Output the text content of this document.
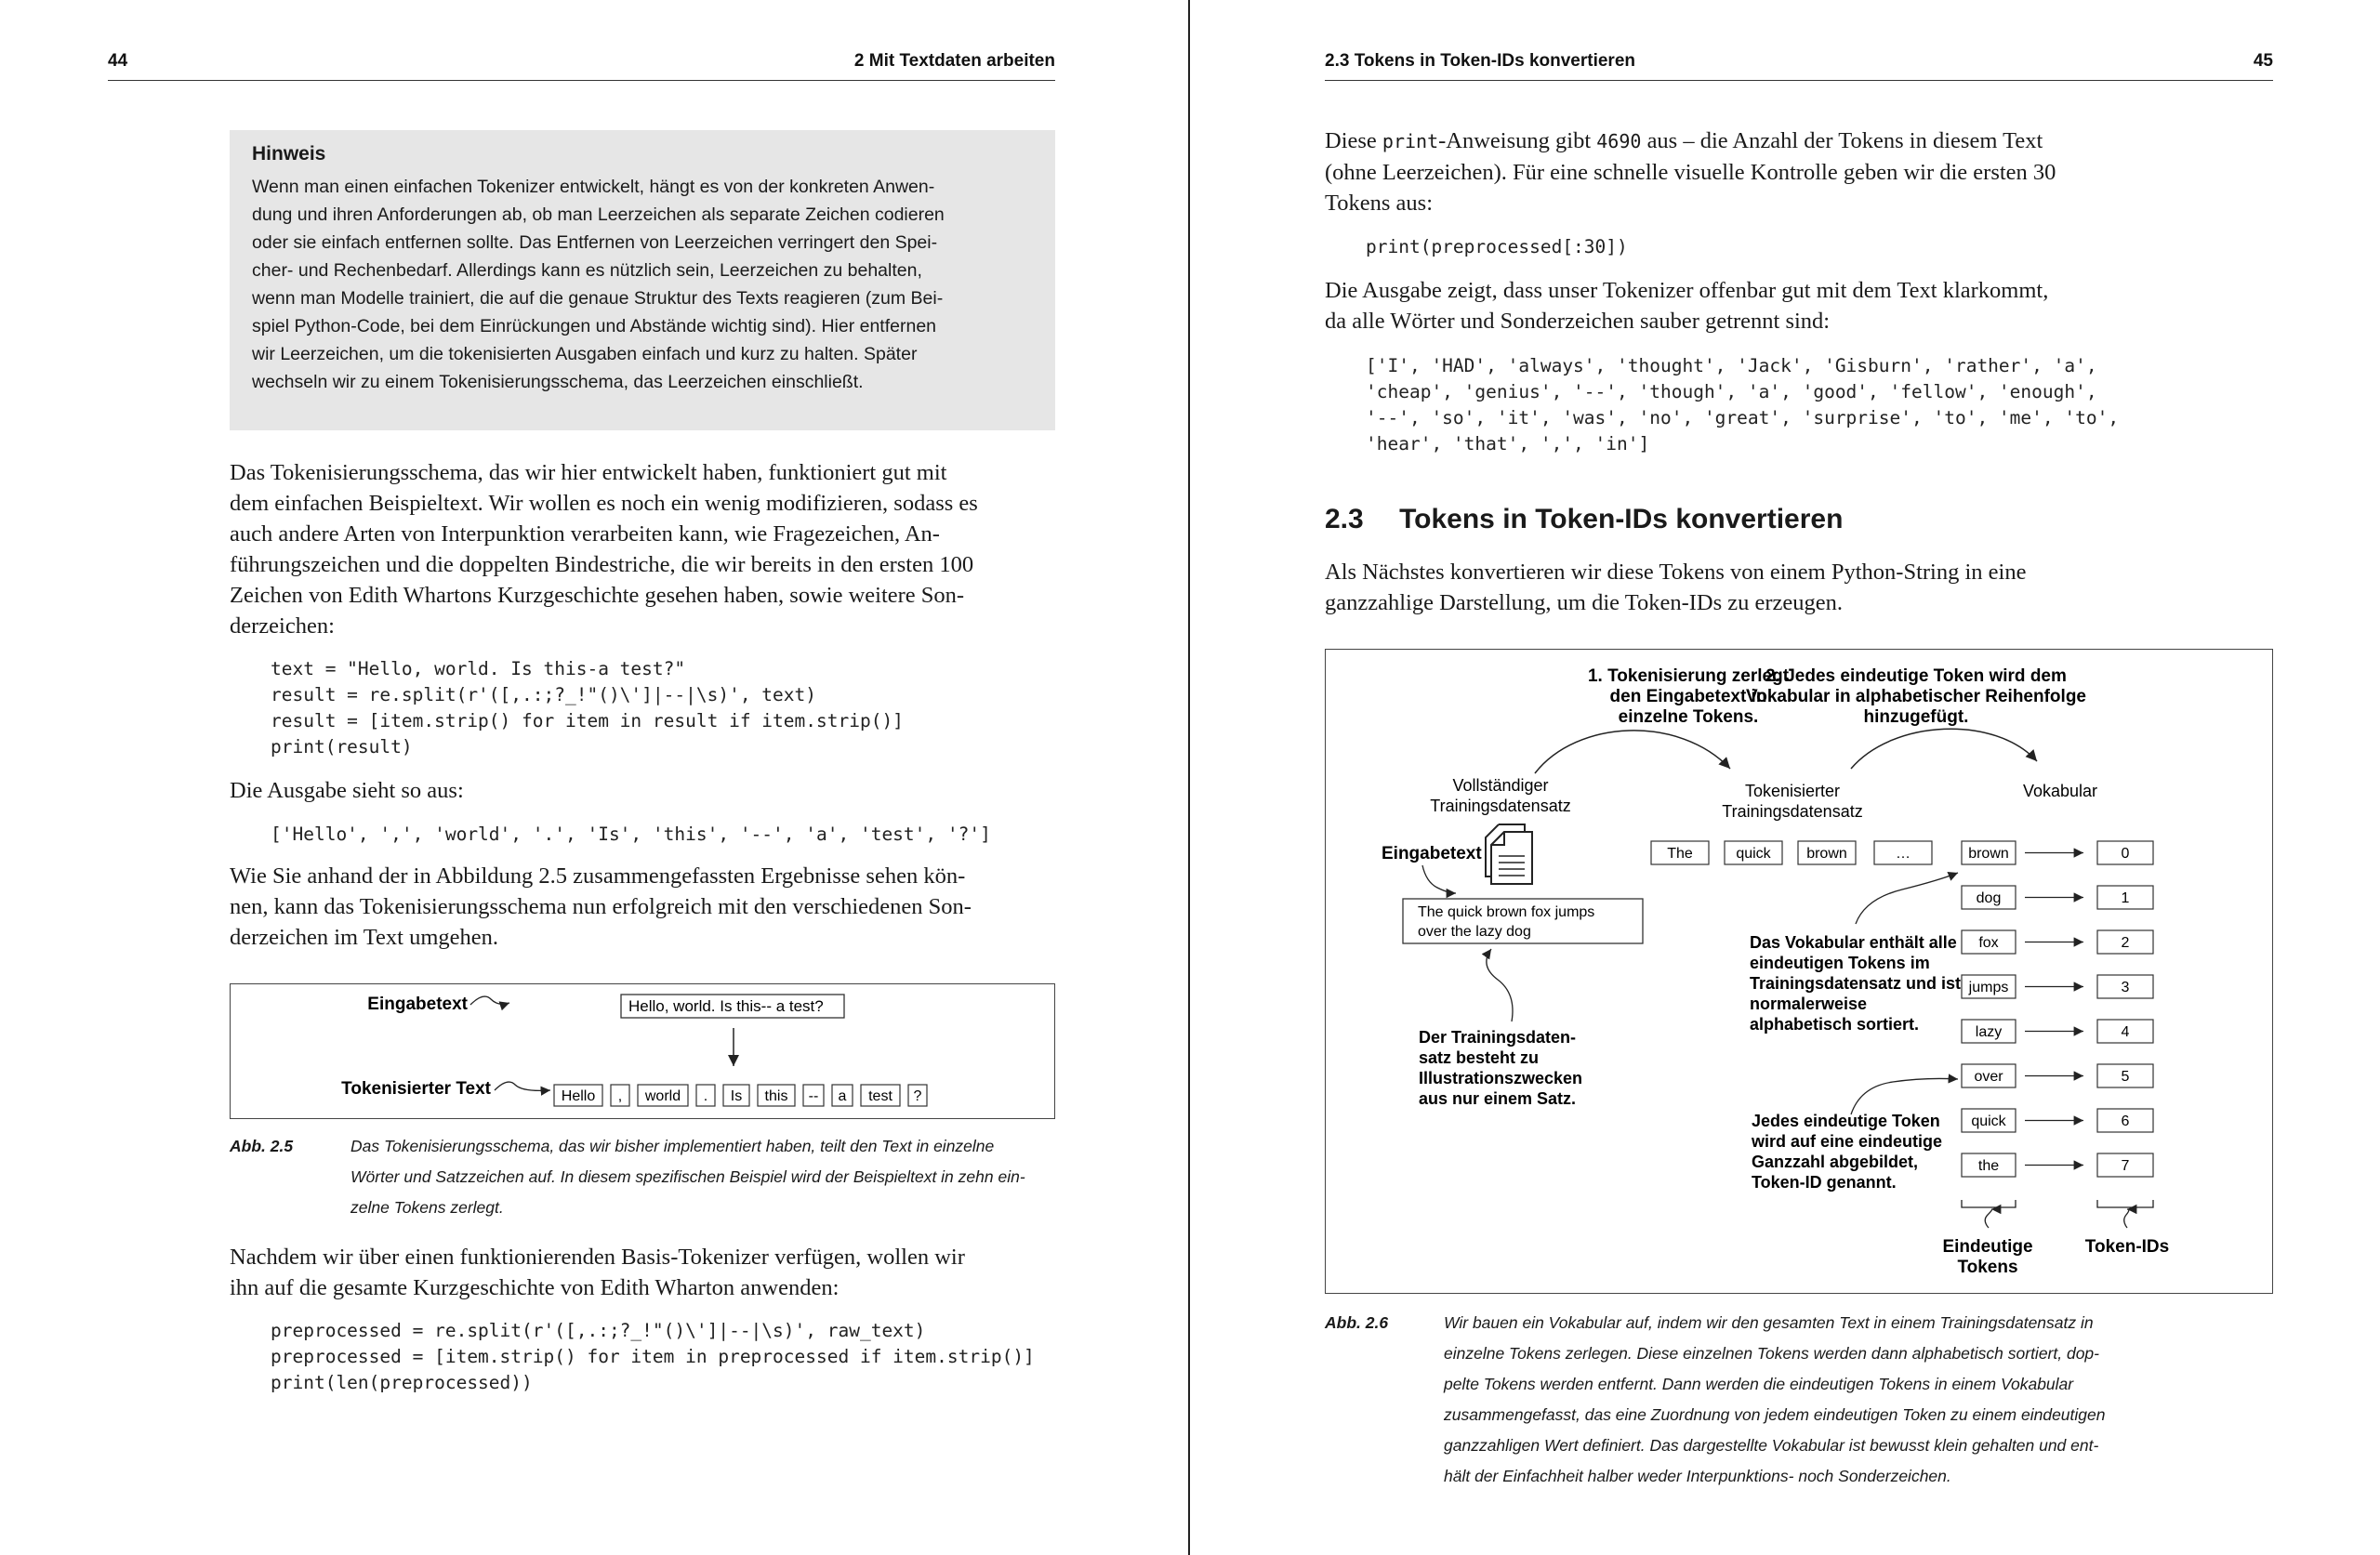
44	2 Mit Textdaten arbeiten
Hinweis

Wenn man einen einfachen Tokenizer entwickelt, hängt es von der konkreten Anwen-
dung und ihren Anforderungen ab, ob man Leerzeichen als separate Zeichen codieren
oder sie einfach entfernen sollte. Das Entfernen von Leerzeichen verringert den Spei-
cher- und Rechenbedarf. Allerdings kann es nützlich sein, Leerzeichen zu behalten,
wenn man Modelle trainiert, die auf die genaue Struktur des Texts reagieren (zum Bei-
spiel Python-Code, bei dem Einrückungen und Abstände wichtig sind). Hier entfernen
wir Leerzeichen, um die tokenisierten Ausgaben einfach und kurz zu halten. Später
wechseln wir zu einem Tokenisierungsschema, das Leerzeichen einschließt.

Das Tokenisierungsschema, das wir hier entwickelt haben, funktioniert gut mit
dem einfachen Beispieltext. Wir wollen es noch ein wenig modifizieren, sodass es
auch andere Arten von Interpunktion verarbeiten kann, wie Fragezeichen, An-
führungszeichen und die doppelten Bindestriche, die wir bereits in den ersten 100
Zeichen von Edith Whartons Kurzgeschichte gesehen haben, sowie weitere Son-
derzeichen:
text = "Hello, world. Is this-a test?"
result = re.split(r'([,.:;?_!"()\']|--|\s)', text)
result = [item.strip() for item in result if item.strip()]
print(result)
Die Ausgabe sieht so aus:
['Hello', ',', 'world', '.', 'Is', 'this', '--', 'a', 'test', '?']
Wie Sie anhand der in Abbildung 2.5 zusammengefassten Ergebnisse sehen kön-
nen, kann das Tokenisierungsschema nun erfolgreich mit den verschiedenen Son-
derzeichen im Text umgehen.
Eingabetext	Hello, world. Is this-- a test?
Tokenisierter Text	Hello , world . Is this -- a test ?
Abb. 2.5	Das Tokenisierungsschema, das wir bisher implementiert haben, teilt den Text in einzelne
Wörter und Satzzeichen auf. In diesem spezifischen Beispiel wird der Beispieltext in zehn ein-
zelne Tokens zerlegt.
Nachdem wir über einen funktionierenden Basis-Tokenizer verfügen, wollen wir
ihn auf die gesamte Kurzgeschichte von Edith Wharton anwenden:
preprocessed = re.split(r'([,.:;?_!"()\']|--|\s)', raw_text)
preprocessed = [item.strip() for item in preprocessed if item.strip()]
print(len(preprocessed))
2.3 Tokens in Token-IDs konvertieren	45
Diese print-Anweisung gibt 4690 aus – die Anzahl der Tokens in diesem Text
(ohne Leerzeichen). Für eine schnelle visuelle Kontrolle geben wir die ersten 30
Tokens aus:
print(preprocessed[:30])
Die Ausgabe zeigt, dass unser Tokenizer offenbar gut mit dem Text klarkommt,
da alle Wörter und Sonderzeichen sauber getrennt sind:
['I', 'HAD', 'always', 'thought', 'Jack', 'Gisburn', 'rather', 'a',
'cheap', 'genius', '--', 'though', 'a', 'good', 'fellow', 'enough',
'--', 'so', 'it', 'was', 'no', 'great', 'surprise', 'to', 'me', 'to',
'hear', 'that', ',', 'in']
2.3 Tokens in Token-IDs konvertieren
Als Nächstes konvertieren wir diese Tokens von einem Python-String in eine
ganzzahlige Darstellung, um die Token-IDs zu erzeugen.
1. Tokenisierung zerlegt
den Eingabetext in
einzelne Tokens.
2. Jedes eindeutige Token wird dem
Vokabular in alphabetischer Reihenfolge
hinzugefügt.
Vollständiger
Trainingsdatensatz
Tokenisierter
Trainingsdatensatz
Vokabular
Eingabetext
The quick brown fox jumps
over the lazy dog
The	quick brown	…	brown	0
dog	1
fox	2
jumps	3
lazy	4
over	5
quick	6
the	7
Das Vokabular enthält alle
eindeutigen Tokens im
Trainingsdatensatz und ist
normalerweise
alphabetisch sortiert.
Der Trainingsdaten-
satz besteht zu
Illustrationszwecken
aus nur einem Satz.
Jedes eindeutige Token
wird auf eine eindeutige
Ganzzahl abgebildet,
Token-ID genannt.
Eindeutige
Tokens
Token-IDs
Abb. 2.6	Wir bauen ein Vokabular auf, indem wir den gesamten Text in einem Trainingsdatensatz in
einzelne Tokens zerlegen. Diese einzelnen Tokens werden dann alphabetisch sortiert, dop-
pelte Tokens werden entfernt. Dann werden die eindeutigen Tokens in einem Vokabular
zusammengefasst, das eine Zuordnung von jedem eindeutigen Token zu einem eindeutigen
ganzzahligen Wert definiert. Das dargestellte Vokabular ist bewusst klein gehalten und ent-
hält der Einfachheit halber weder Interpunktions- noch Sonderzeichen.
